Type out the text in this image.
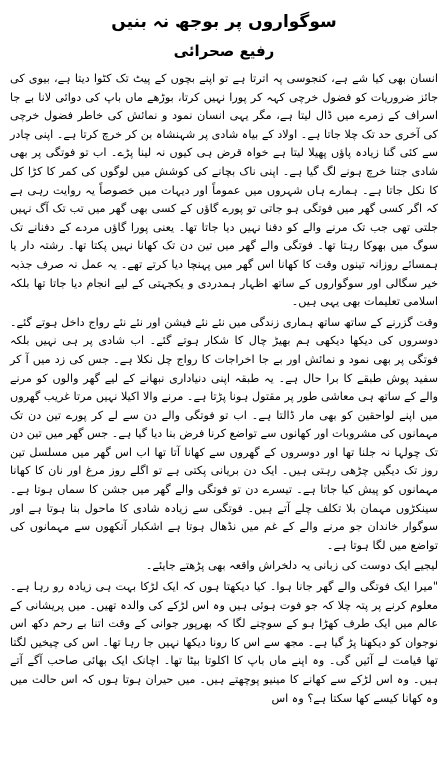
سوگواروں پر بوجھ نہ بنیں
رفیع صحرائی

انسان بھی کیا شے ہے، کنجوسی پہ اترتا ہے تو اپنے بچوں کے پیٹ تک کٹوا دیتا ہے، بیوی کی جائز ضروریات کو فضول خرچی کہہ کر پورا نہیں کرتا، بوڑھے ماں باپ کی دوائی لانا بے جا اسراف کے زمرے میں ڈال لیتا ہے، مگر یہی انسان نمود و نمائش کی خاطر فضول خرچی کی آخری حد تک چلا جاتا ہے۔ اولاد کے بیاہ شادی پر شہنشاہ بن کر خرچ کرتا ہے۔ اپنی چادر سے کئی گنا زیادہ پاؤں پھیلا لیتا ہے خواہ قرض ہی کیوں نہ لینا پڑے۔ اب تو فوتگی پر بھی شادی جتنا خرچ ہونے لگ گیا ہے۔ اپنی ناک بچانے کی کوشش میں لوگوں کی کمر کا کڑا کل کا نکل جاتا ہے۔ ہمارے ہاں شہروں میں عموماً اور دیہات میں خصوصاً یہ روایت رہی ہے کہ اگر کسی گھر میں فوتگی ہو جاتی تو پورے گاؤں کے کسی بھی گھر میں تب تک آگ نہیں جلتی تھی جب تک مرنے والے کو دفنا نہیں دیا جاتا تھا۔ یعنی پورا گاؤں مردے کے دفنانے تک سوگ میں بھوکا رہتا تھا۔ فوتگی والے گھر میں تین دن تک کھانا نہیں پکتا تھا۔ رشتہ دار یا ہمسائے روزانہ تینوں وقت کا کھانا اس گھر میں پہنچا دیا کرتے تھے۔ یہ عمل نہ صرف جذبہ خیر سگالی اور سوگواروں کے ساتھ اظہار ہمدردی و یکجہتی کے لیے انجام دیا جاتا تھا بلکہ اسلامی تعلیمات بھی یہی ہیں۔

وقت گزرنے کے ساتھ ساتھ ہماری زندگی میں نئے نئے فیشن اور نئے نئے رواج داخل ہوتے گئے۔ دوسروں کی دیکھا دیکھی ہم بھیڑ چال کا شکار ہوتے گئے۔ اب شادی پر ہی نہیں بلکہ فوتگی پر بھی نمود و نمائش اور بے جا اخراجات کا رواج چل نکلا ہے۔ جس کی زد میں آ کر سفید پوش طبقے کا برا حال ہے۔ یہ طبقہ اپنی دنیاداری نبھانے کے لیے گھر والوں کو مرنے والے کے ساتھ ہی معاشی طور پر مقتول ہونا پڑتا ہے۔ مرنے والا اکیلا نہیں مرتا غریب گھروں میں اپنے لواحقین کو بھی مار ڈالتا ہے۔ اب تو فوتگی والے دن سے لے کر پورے تین دن تک مہمانوں کی مشروبات اور کھانوں سے تواضع کرنا فرض بنا دیا گیا ہے۔ جس گھر میں تین دن تک چولہا نہ جلنا تھا اور دوسروں کے گھروں سے کھانا آتا تھا اب اس گھر میں مسلسل تین روز تک دیگیں چڑھی رہتی ہیں۔ ایک دن بریانی پکتی ہے تو اگلے روز مرغ اور نان کا کھانا مہمانوں کو پیش کیا جاتا ہے۔ تیسرے دن تو فوتگی والے گھر میں جشن کا سماں ہوتا ہے۔ سینکڑوں مہمان بلا تکلف چلے آتے ہیں۔ فوتگی سے زیادہ شادی کا ماحول بنا ہوتا ہے اور سوگوار خاندان جو مرنے والے کے غم میں نڈھال ہوتا ہے اشکبار آنکھوں سے مہمانوں کی تواضع میں لگا ہوتا ہے۔

لیجیے ایک دوست کی زبانی یہ دلخراش واقعہ بھی پڑھتے جایئے۔

"میرا ایک فوتگی والے گھر جانا ہوا۔ کیا دیکھتا ہوں کہ ایک لڑکا بہت ہی زیادہ رو رہا ہے۔ معلوم کرنے پر پتہ چلا کہ جو فوت ہوئی ہیں وہ اس لڑکے کی والدہ تھیں۔ میں پریشانی کے عالم میں ایک طرف کھڑا ہو کے سوچنے لگا کہ بھرپور جوانی کے وقت اتنا بے رحم دکھ اس نوجوان کو دیکھنا پڑ گیا ہے۔ مجھ سے اس کا رونا دیکھا نہیں جا رہا تھا۔ اس کی چیخیں لگتا تھا قیامت لے آئیں گی۔ وہ اپنے ماں باپ کا اکلوتا بیٹا تھا۔ اچانک ایک بھائی صاحب آگے آتے ہیں۔ وہ اس لڑکے سے کھانے کا مینیو پوچھتے ہیں۔ میں حیران ہوتا ہوں کہ اس حالت میں وہ کھانا کیسے کھا سکتا ہے؟ وہ اس
